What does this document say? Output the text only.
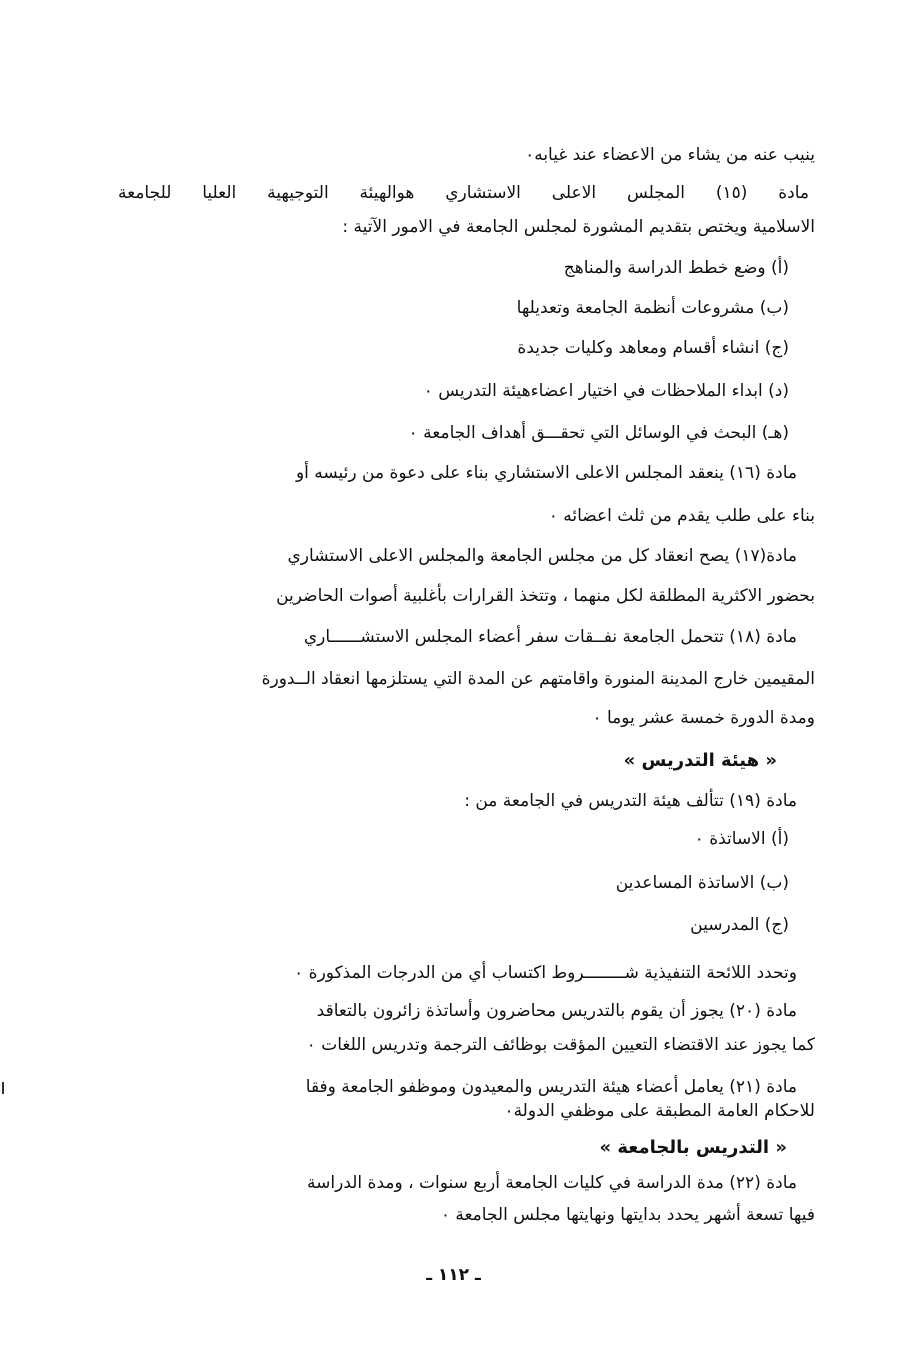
ينيب عنه من يشاء من الاعضاء عند غيابه٠
مادة (١٥) المجلس الاعلى الاستشاري هوالهيئة التوجيهية العليا للجامعة
الاسلامية ويختص بتقديم المشورة لمجلس الجامعة في الامور الآتية :
(أ) وضع خطط الدراسة والمناهج
(ب) مشروعات أنظمة الجامعة وتعديلها
(ج) انشاء أقسام ومعاهد وكليات جديدة
(د) ابداء الملاحظات في اختيار اعضاءهيئة التدريس ٠
(هـ) البحث في الوسائل التي تحقـــق أهداف الجامعة ٠
مادة (١٦) ينعقد المجلس الاعلى الاستشاري بناء على دعوة من رئيسه أو
بناء على طلب يقدم من ثلث اعضائه ٠
مادة(١٧) يصح انعقاد كل من مجلس الجامعة والمجلس الاعلى الاستشاري
بحضور الاكثرية المطلقة لكل منهما ، وتتخذ القرارات بأغلبية أصوات الحاضرين
مادة (١٨) تتحمل الجامعة نفــقات سفر أعضاء المجلس الاستشــــــاري
المقيمين خارج المدينة المنورة واقامتهم عن المدة التي يستلزمها انعقاد الــدورة
ومدة الدورة خمسة عشر يوما ٠
« هيئة التدريس »
مادة (١٩) تتألف هيئة التدريس في الجامعة من :
(أ) الاساتذة ٠
(ب) الاساتذة المساعدين
(ج) المدرسين
وتحدد اللائحة التنفيذية شــــــــروط اكتساب أي من الدرجات المذكورة ٠
مادة (٢٠) يجوز أن يقوم بالتدريس محاضرون وأساتذة زائرون بالتعاقد
كما يجوز عند الاقتضاء التعيين المؤقت بوظائف الترجمة وتدريس اللغات ٠
مادة (٢١) يعامل أعضاء هيئة التدريس والمعيدون وموظفو الجامعة وفقا
للاحكام العامة المطبقة على موظفي الدولة٠
« التدريس بالجامعة »
مادة (٢٢) مدة الدراسة في كليات الجامعة أربع سنوات ، ومدة الدراسة
فيها تسعة أشهر يحدد بدايتها ونهايتها مجلس الجامعة ٠
ـ ١١٢ ـ
